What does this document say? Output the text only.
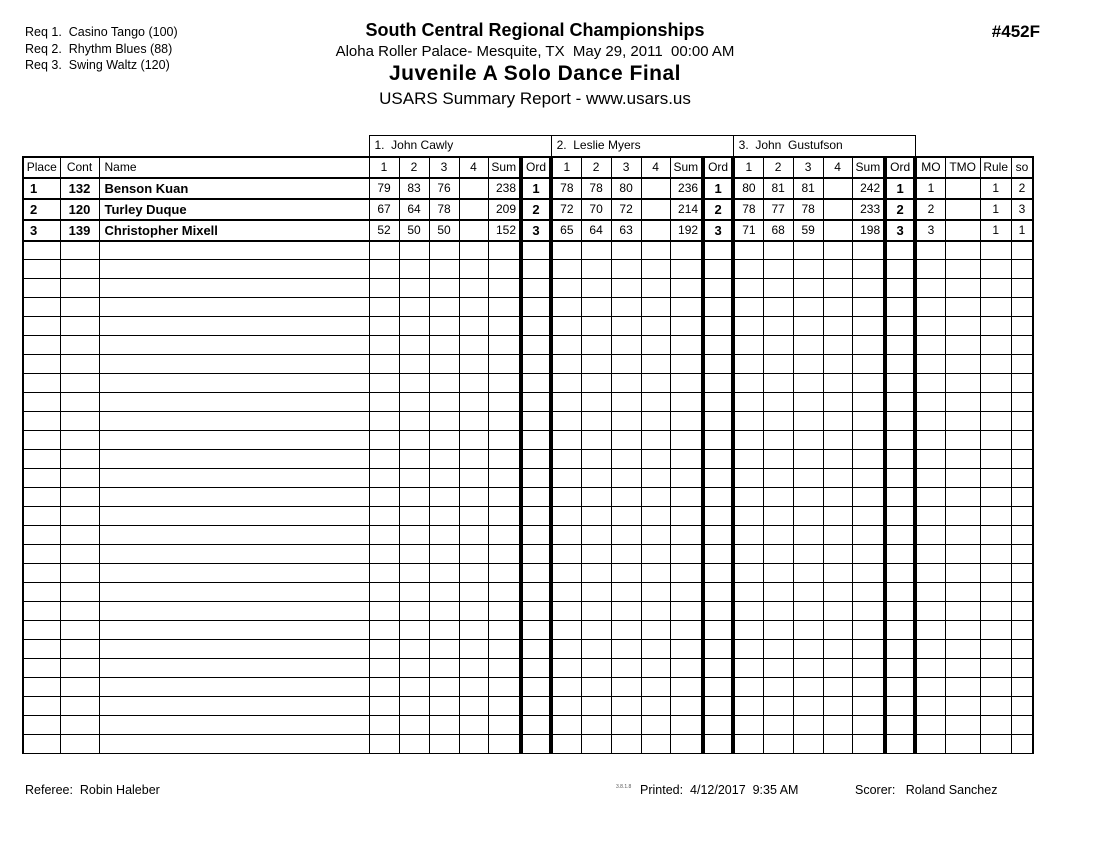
Req 1.  Casino Tango (100)
Req 2.  Rhythm Blues (88)
Req 3.  Swing Waltz (120)
South Central Regional Championships
Aloha Roller Palace- Mesquite, TX  May 29, 2011  00:00 AM
Juvenile A Solo Dance Final
USARS Summary Report - www.usars.us
#452F
			1.  John Cawly						2.  Leslie Myers						3.  John  Gustufson									
Place	Cont	Name	1	2	3	4	Sum	Ord	1	2	3	4	Sum	Ord	1	2	3	4	Sum	Ord	MO	TMO	Rule	so
1	132	Benson Kuan	79	83	76		238	1	78	78	80		236	1	80	81	81		242	1	1		1	2
2	120	Turley Duque	67	64	78		209	2	72	70	72		214	2	78	77	78		233	2	2		1	3
3	139	Christopher Mixell	52	50	50		152	3	65	64	63		192	3	71	68	59		198	3	3		1	1

Referee: Robin Haleber	3.8.1.8 Printed: 4/12/2017  9:35 AM	Scorer: Roland Sanchez
